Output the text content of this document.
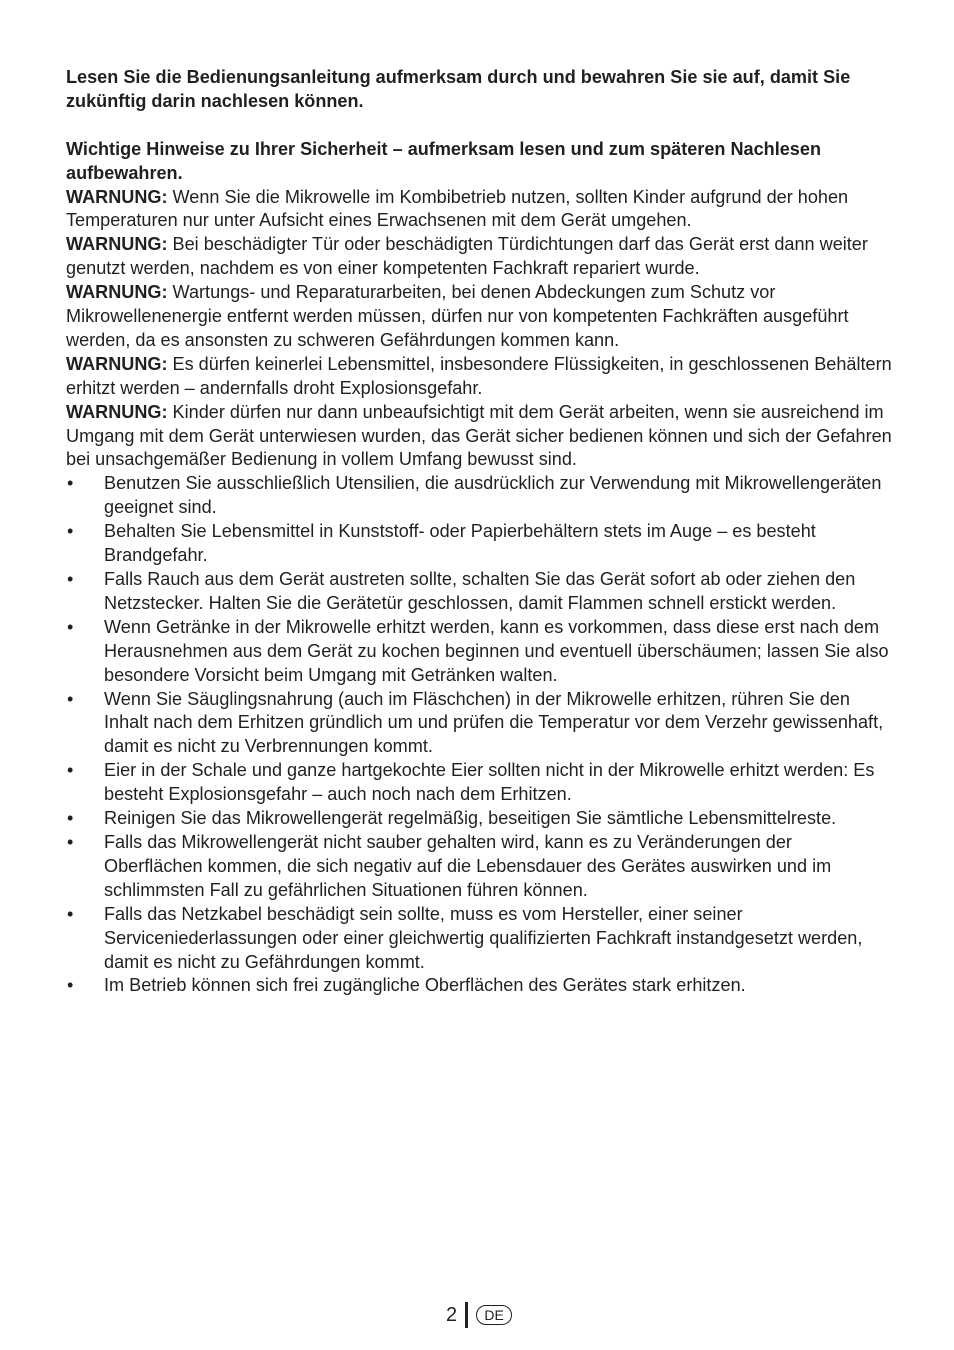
Lesen Sie die Bedienungsanleitung aufmerksam durch und bewahren Sie sie auf, damit Sie zukünftig darin nachlesen können.

Wichtige Hinweise zu Ihrer Sicherheit – aufmerksam lesen und zum späteren Nachlesen aufbewahren.

WARNUNG: Wenn Sie die Mikrowelle im Kombibetrieb nutzen, sollten Kinder aufgrund der hohen Temperaturen nur unter Aufsicht eines Erwachsenen mit dem Gerät umgehen.

WARNUNG: Bei beschädigter Tür oder beschädigten Türdichtungen darf das Gerät erst dann weiter genutzt werden, nachdem es von einer kompetenten Fachkraft repariert wurde.

WARNUNG: Wartungs- und Reparaturarbeiten, bei denen Abdeckungen zum Schutz vor Mikrowellenenergie entfernt werden müssen, dürfen nur von kompetenten Fachkräften ausgeführt werden, da es ansonsten zu schweren Gefährdungen kommen kann.

WARNUNG: Es dürfen keinerlei Lebensmittel, insbesondere Flüssigkeiten, in geschlossenen Behältern erhitzt werden – andernfalls droht Explosionsgefahr.

WARNUNG: Kinder dürfen nur dann unbeaufsichtigt mit dem Gerät arbeiten, wenn sie ausreichend im Umgang mit dem Gerät unterwiesen wurden, das Gerät sicher bedienen können und sich der Gefahren bei unsachgemäßer Bedienung in vollem Umfang bewusst sind.

• Benutzen Sie ausschließlich Utensilien, die ausdrücklich zur Verwendung mit Mikrowellengeräten geeignet sind.
• Behalten Sie Lebensmittel in Kunststoff- oder Papierbehältern stets im Auge – es besteht Brandgefahr.
• Falls Rauch aus dem Gerät austreten sollte, schalten Sie das Gerät sofort ab oder ziehen den Netzstecker. Halten Sie die Gerätetür geschlossen, damit Flammen schnell erstickt werden.
• Wenn Getränke in der Mikrowelle erhitzt werden, kann es vorkommen, dass diese erst nach dem Herausnehmen aus dem Gerät zu kochen beginnen und eventuell überschäumen; lassen Sie also besondere Vorsicht beim Umgang mit Getränken walten.
• Wenn Sie Säuglingsnahrung (auch im Fläschchen) in der Mikrowelle erhitzen, rühren Sie den Inhalt nach dem Erhitzen gründlich um und prüfen die Temperatur vor dem Verzehr gewissenhaft, damit es nicht zu Verbrennungen kommt.
• Eier in der Schale und ganze hartgekochte Eier sollten nicht in der Mikrowelle erhitzt werden: Es besteht Explosionsgefahr – auch noch nach dem Erhitzen.
• Reinigen Sie das Mikrowellengerät regelmäßig, beseitigen Sie sämtliche Lebensmittelreste.
• Falls das Mikrowellengerät nicht sauber gehalten wird, kann es zu Veränderungen der Oberflächen kommen, die sich negativ auf die Lebensdauer des Gerätes auswirken und im schlimmsten Fall zu gefährlichen Situationen führen können.
• Falls das Netzkabel beschädigt sein sollte, muss es vom Hersteller, einer seiner Serviceniederlassungen oder einer gleichwertig qualifizierten Fachkraft instandgesetzt werden, damit es nicht zu Gefährdungen kommt.
• Im Betrieb können sich frei zugängliche Oberflächen des Gerätes stark erhitzen.
2	DE
